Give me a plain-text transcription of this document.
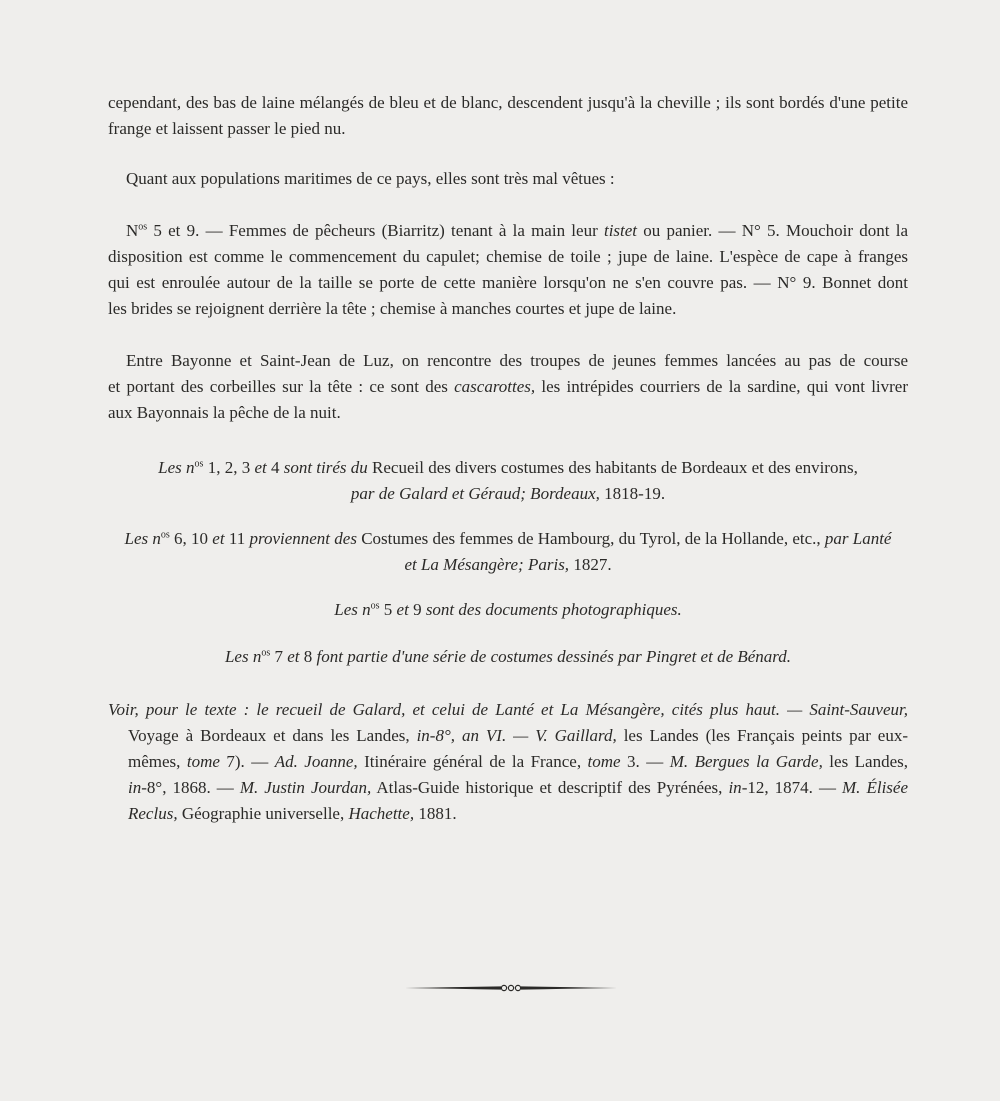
cependant, des bas de laine mélangés de bleu et de blanc, descendent jusqu'à la cheville ; ils sont bordés d'une petite
frange et laissent passer le pied nu.
Quant aux populations maritimes de ce pays, elles sont très mal vêtues :
$N^{os}$ 5 et 9. — Femmes de pêcheurs (Biarritz) tenant à la main leur tistet ou panier. — N° 5. Mouchoir dont la
disposition est comme le commencement du capulet; chemise de toile ; jupe de laine. L'espèce de cape à franges
qui est enroulée autour de la taille se porte de cette manière lorsqu'on ne s'en couvre pas. — N° 9. Bonnet dont
les brides se rejoignent derrière la tête ; chemise à manches courtes et jupe de laine.
Entre Bayonne et Saint-Jean de Luz, on rencontre des troupes de jeunes femmes lancées au pas de course
et portant des corbeilles sur la tête : ce sont des cascarottes, les intrépides courriers de la sardine, qui vont livrer
aux Bayonnais la pêche de la nuit.
Les $n^{os}$ 1, 2, 3 et 4 sont tirés du Recueil des divers costumes des habitants de Bordeaux et des environs,
par de Galard et Géraud; Bordeaux, 1818-19.
Les $n^{os}$ 6, 10 et 11 proviennent des Costumes des femmes de Hambourg, du Tyrol, de la Hollande, etc., par Lanté
et La Mésangère; Paris, 1827.
Les $n^{os}$ 5 et 9 sont des documents photographiques.
Les $n^{os}$ 7 et 8 font partie d'une série de costumes dessinés par Pingret et de Bénard.
Voir, pour le texte : le recueil de Galard, et celui de Lanté et La Mésangère, cités plus haut. — Saint-Sauveur,
Voyage à Bordeaux et dans les Landes, in-8°, an VI. — V. Gaillard, les Landes (les Français peints par eux-
mêmes, tome 7). — Ad. Joanne, Itinéraire général de la France, tome 3. — M. Bergues la Garde, les Landes,
in-8°, 1868. — M. Justin Jourdan, Atlas-Guide historique et descriptif des Pyrénées, in-12, 1874. — M. Élisée
Reclus, Géographie universelle, Hachette, 1881.
